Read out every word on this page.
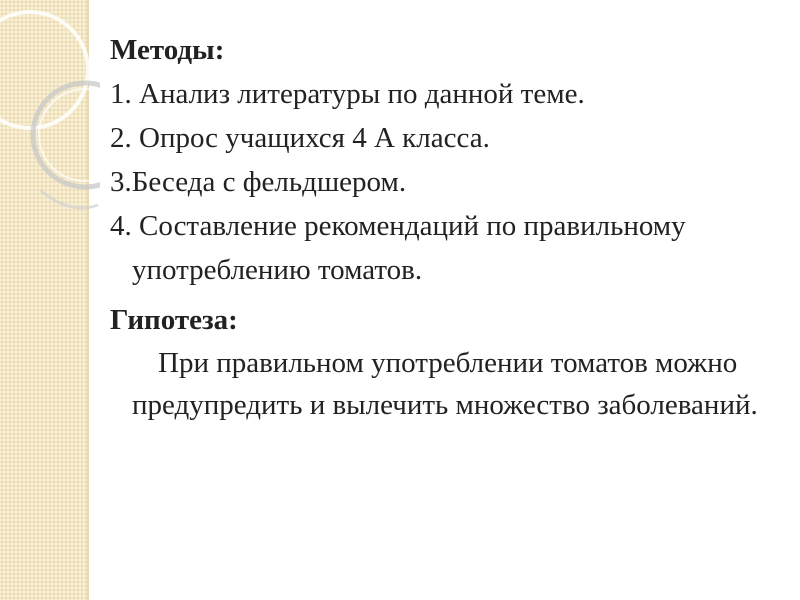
Методы:
1. Анализ литературы по данной теме.
2. Опрос учащихся 4 А класса.
3.Беседа с фельдшером.
4. Составление рекомендаций по правильному употреблению томатов.
Гипотеза:
При правильном употреблении томатов можно предупредить и вылечить множество заболеваний.
